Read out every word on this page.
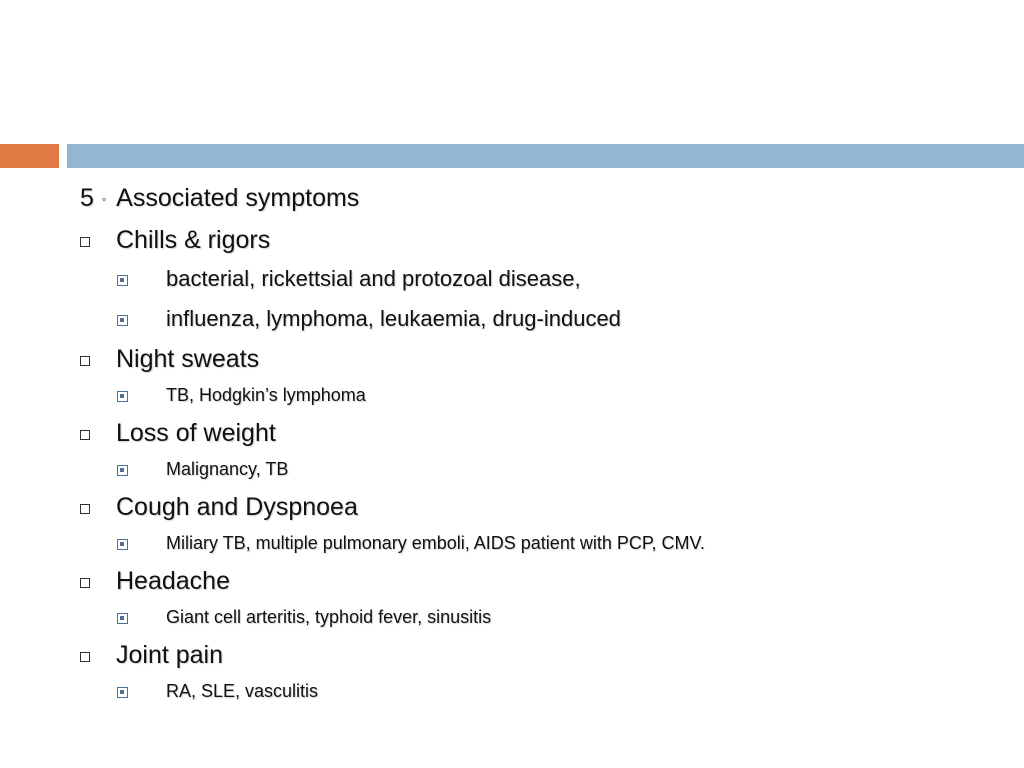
5 ◦ Associated symptoms
Chills & rigors
bacterial, rickettsial and protozoal disease,
influenza, lymphoma, leukaemia, drug-induced
Night sweats
TB, Hodgkin’s lymphoma
Loss of weight
Malignancy, TB
Cough and Dyspnoea
Miliary TB, multiple pulmonary emboli, AIDS patient with PCP, CMV.
Headache
Giant cell arteritis, typhoid fever, sinusitis
Joint pain
RA, SLE, vasculitis
